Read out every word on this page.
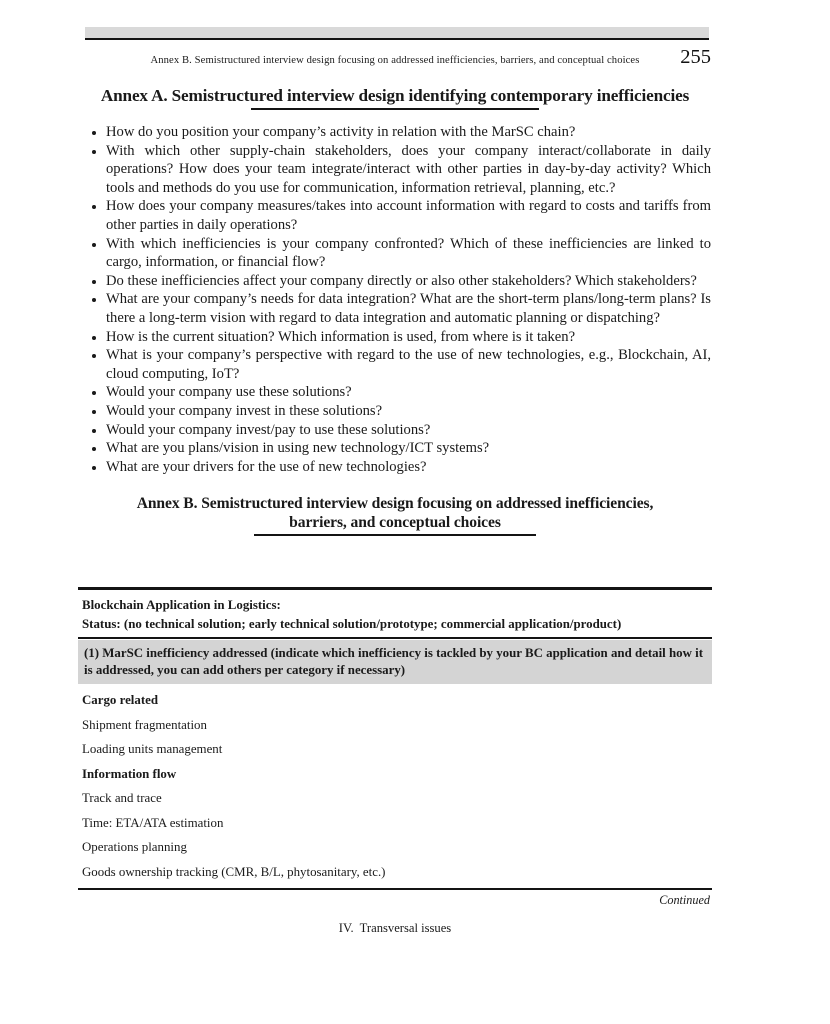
Annex B. Semistructured interview design focusing on addressed inefficiencies, barriers, and conceptual choices	255
Annex A. Semistructured interview design identifying contemporary inefficiencies
• How do you position your company’s activity in relation with the MarSC chain?
• With which other supply-chain stakeholders, does your company interact/collaborate in daily operations? How does your team integrate/interact with other parties in day-by-day activity? Which tools and methods do you use for communication, information retrieval, planning, etc.?
• How does your company measures/takes into account information with regard to costs and tariffs from other parties in daily operations?
• With which inefficiencies is your company confronted? Which of these inefficiencies are linked to cargo, information, or financial flow?
• Do these inefficiencies affect your company directly or also other stakeholders? Which stakeholders?
• What are your company’s needs for data integration? What are the short-term plans/long-term plans? Is there a long-term vision with regard to data integration and automatic planning or dispatching?
• How is the current situation? Which information is used, from where is it taken?
• What is your company’s perspective with regard to the use of new technologies, e.g., Blockchain, AI, cloud computing, IoT?
• Would your company use these solutions?
• Would your company invest in these solutions?
• Would your company invest/pay to use these solutions?
• What are you plans/vision in using new technology/ICT systems?
• What are your drivers for the use of new technologies?
Annex B. Semistructured interview design focusing on addressed inefficiencies,
barriers, and conceptual choices
Blockchain Application in Logistics:
Status: (no technical solution; early technical solution/prototype; commercial application/product)
(1) MarSC inefficiency addressed (indicate which inefficiency is tackled by your BC application and detail how it is addressed, you can add others per category if necessary)
Cargo related
Shipment fragmentation
Loading units management
Information flow
Track and trace
Time: ETA/ATA estimation
Operations planning
Goods ownership tracking (CMR, B/L, phytosanitary, etc.)
Continued
IV.  Transversal issues
